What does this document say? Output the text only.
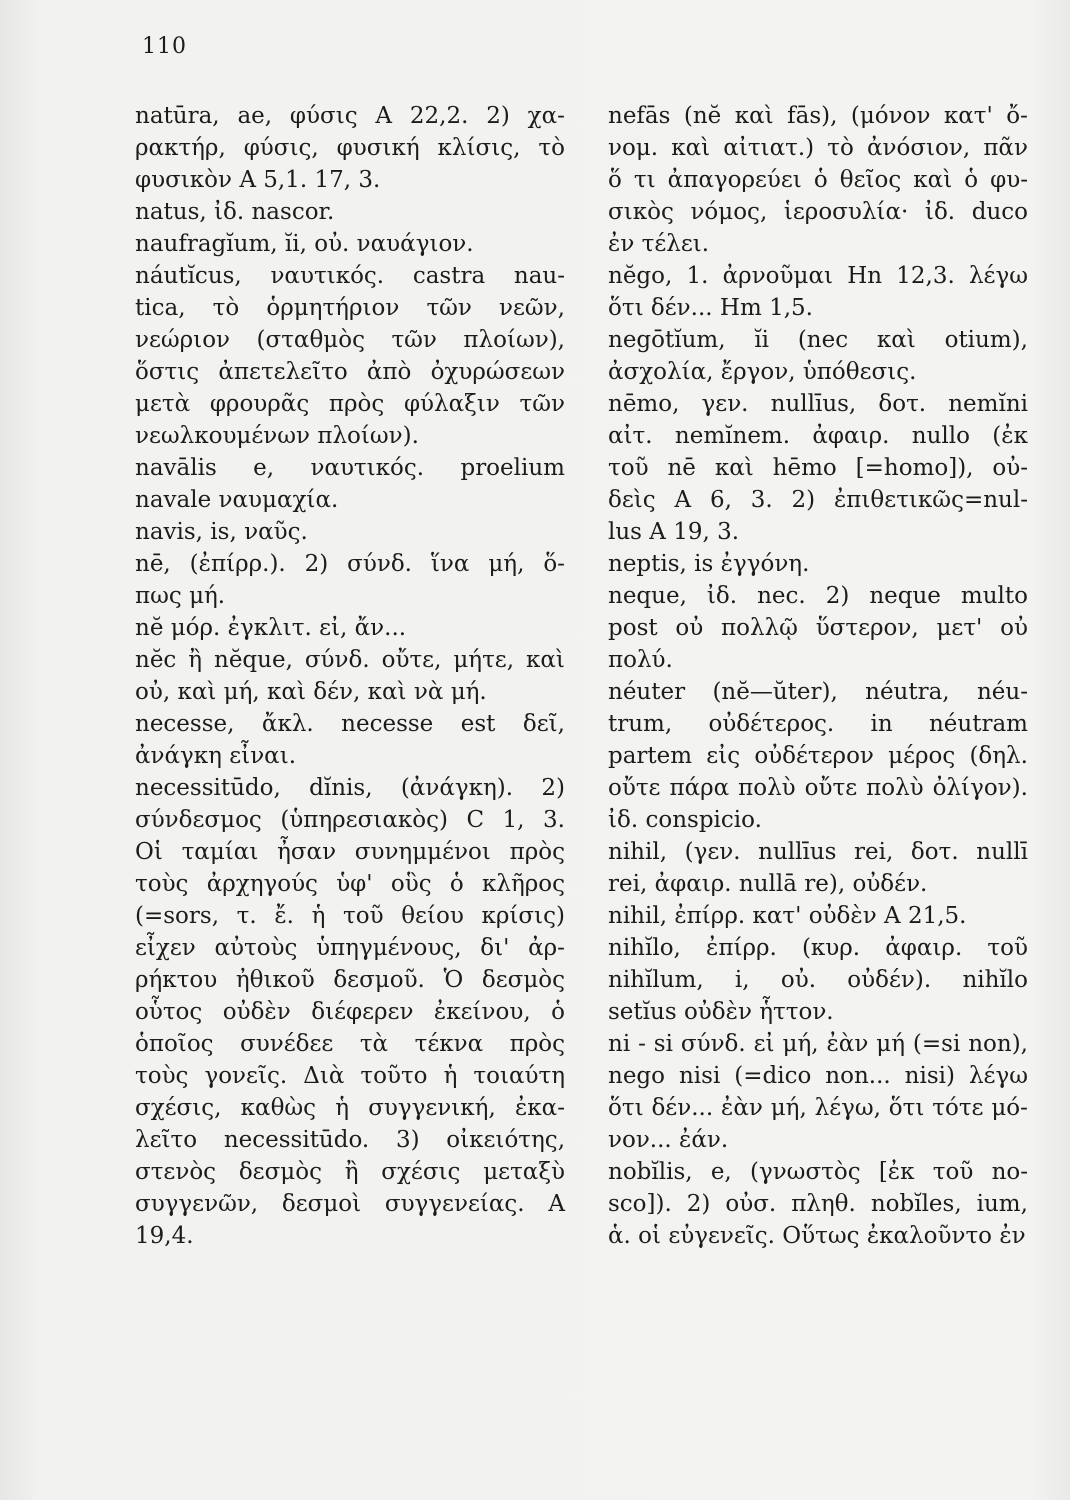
110
natūra, ae, φύσις A 22,2. 2) χα-
ρακτήρ, φύσις, φυσική κλίσις, τὸ
φυσικὸν A 5,1. 17, 3.
natus, ἰδ. nascor.
naufragĭum, ĭi, οὐ. ναυάγιον.
náutĭcus, ναυτικός. castra nau-
tica, τὸ ὁρμητήριον τῶν νεῶν,
νεώριον (σταθμὸς τῶν πλοίων),
ὅστις ἀπετελεῖτο ἀπὸ ὀχυρώσεων
μετὰ φρουρᾶς πρὸς φύλαξιν τῶν
νεωλκουμένων πλοίων).
navālis e, ναυτικός. proelium
navale ναυμαχία.
navis, is, ναῦς.
nē, (ἐπίρρ.). 2) σύνδ. ἵνα μή, ὅ-
πως μή.
nĕ μόρ. ἐγκλιτ. εἰ, ἄν...
nĕc ἢ nĕque, σύνδ. οὔτε, μήτε, καὶ
οὐ, καὶ μή, καὶ δέν, καὶ νὰ μή.
necesse, ἄκλ. necesse est δεῖ,
ἀνάγκη εἶναι.
necessitūdo, dĭnis, (ἀνάγκη). 2)
σύνδεσμος (ὑπηρεσιακὸς) C 1, 3.
Οἱ ταμίαι ἦσαν συνημμένοι πρὸς
τοὺς ἀρχηγούς ὑφ' οὓς ὁ κλῆρος
(=sors, τ. ἔ. ἡ τοῦ θείου κρίσις)
εἶχεν αὐτοὺς ὑπηγμένους, δι' ἀρ-
ρήκτου ἠθικοῦ δεσμοῦ. Ὁ δεσμὸς
οὗτος οὐδὲν διέφερεν ἐκείνου, ὁ
ὁποῖος συνέδεε τὰ τέκνα πρὸς
τοὺς γονεῖς. Διὰ τοῦτο ἡ τοιαύτη
σχέσις, καθὼς ἡ συγγενική, ἐκα-
λεῖτο necessitūdo. 3) οἰκειότης,
στενὸς δεσμὸς ἢ σχέσις μεταξὺ
συγγενῶν, δεσμοὶ συγγενείας. A
19,4.
nefās (nĕ καὶ fās), (μόνον κατ' ὄ-
νομ. καὶ αἰτιατ.) τὸ ἀνόσιον, πᾶν
ὅ τι ἀπαγορεύει ὁ θεῖος καὶ ὁ φυ-
σικὸς νόμος, ἱεροσυλία· ἰδ. duco
ἐν τέλει.
nĕgo, 1. ἀρνοῦμαι Hn 12,3. λέγω
ὅτι δέν... Hm 1,5.
negōtĭum, ĭi (nec καὶ otium),
ἀσχολία, ἔργον, ὑπόθεσις.
nēmo, γεν. nullīus, δοτ. nemĭni
αἰτ. nemĭnem. ἀφαιρ. nullo (ἐκ
τοῦ nē καὶ hēmo [=homo]), οὐ-
δεὶς A 6, 3. 2) ἐπιθετικῶς=nul-
lus A 19, 3.
neptis, is ἐγγόνη.
neque, ἰδ. nec. 2) neque multo
post οὐ πολλῷ ὕστερον, μετ' οὐ
πολύ.
néuter (nĕ—ŭter), néutra, néu-
trum, οὐδέτερος. in néutram
partem εἰς οὐδέτερον μέρος (δηλ.
οὔτε πάρα πολὺ οὔτε πολὺ ὀλίγον).
ἰδ. conspicio.
nihil, (γεν. nullīus rei, δοτ. nullī
rei, ἀφαιρ. nullā re), οὐδέν.
nihil, ἐπίρρ. κατ' οὐδὲν A 21,5.
nihĭlo, ἐπίρρ. (κυρ. ἀφαιρ. τοῦ
nihĭlum, i, οὐ. οὐδέν). nihĭlo
setĭus οὐδὲν ἧττον.
ni - si σύνδ. εἰ μή, ἐὰν μή (=si non),
nego nisi (=dico non... nisi) λέγω
ὅτι δέν... ἐὰν μή, λέγω, ὅτι τότε μό-
νον... ἐάν.
nobĭlis, e, (γνωστὸς [ἐκ τοῦ no-
sco]). 2) οὐσ. πληθ. nobĭles, ium,
ἁ. οἱ εὐγενεῖς. Οὕτως ἐκαλοῦντο ἐν
